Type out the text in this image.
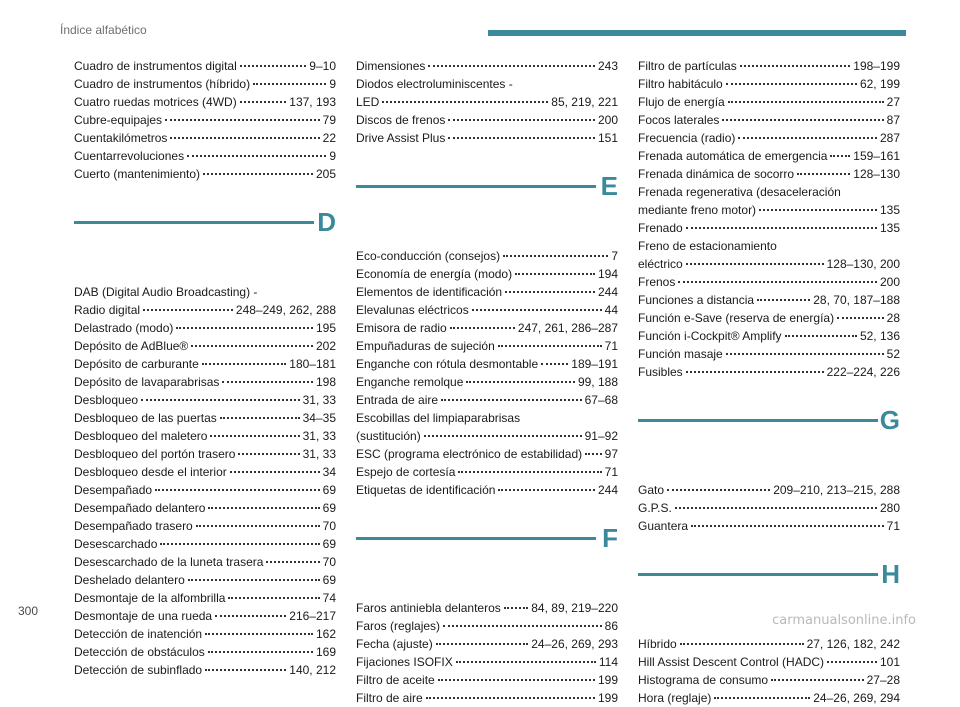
Índice alfabético
Cuadro de instrumentos digital	9–10
Cuadro de instrumentos (híbrido)	9
Cuatro ruedas motrices (4WD)	137, 193
Cubre-equipajes	79
Cuentakilómetros	22
Cuentarrevoluciones	9
Cuerto (mantenimiento)	205
D
DAB (Digital Audio Broadcasting) -
Radio digital	248–249, 262, 288
Delastrado (modo)	195
Depósito de AdBlue®	202
Depósito de carburante	180–181
Depósito de lavaparabrisas	198
Desbloqueo	31, 33
Desbloqueo de las puertas	34–35
Desbloqueo del maletero	31, 33
Desbloqueo del portón trasero	31, 33
Desbloqueo desde el interior	34
Desempañado	69
Desempañado delantero	69
Desempañado trasero	70
Desescarchado	69
Desescarchado de la luneta trasera	70
Deshelado delantero	69
Desmontaje de la alfombrilla	74
Desmontaje de una rueda	216–217
Detección de inatención	162
Detección de obstáculos	169
Detección de subinflado	140, 212
Dimensiones	243
Diodos electroluminiscentes -
LED	85, 219, 221
Discos de frenos	200
Drive Assist Plus	151
E
Eco-conducción (consejos)	7
Economía de energía (modo)	194
Elementos de identificación	244
Elevalunas eléctricos	44
Emisora de radio	247, 261, 286–287
Empuñaduras de sujeción	71
Enganche con rótula desmontable	189–191
Enganche remolque	99, 188
Entrada de aire	67–68
Escobillas del limpiaparabrisas
(sustitución)	91–92
ESC (programa electrónico de estabilidad) 97
Espejo de cortesía	71
Etiquetas de identificación	244
F
Faros antiniebla delanteros	84, 89, 219–220
Faros (reglajes)	86
Fecha (ajuste)	24–26, 269, 293
Fijaciones ISOFIX	114
Filtro de aceite	199
Filtro de aire	199
Filtro de partículas	198–199
Filtro habitáculo	62, 199
Flujo de energía	27
Focos laterales	87
Frecuencia (radio)	287
Frenada automática de emergencia 159–161
Frenada dinámica de socorro	128–130
Frenada regenerativa (desaceleración
mediante freno motor)	135
Frenado	135
Freno de estacionamiento
eléctrico	128–130, 200
Frenos	200
Funciones a distancia	28, 70, 187–188
Función e-Save (reserva de energía)	28
Función i-Cockpit® Amplify	52, 136
Función masaje	52
Fusibles	222–224, 226
G
Gato	209–210, 213–215, 288
G.P.S.	280
Guantera	71
H
Híbrido	27, 126, 182, 242
Hill Assist Descent Control (HADC)	101
Histograma de consumo	27–28
Hora (reglaje)	24–26, 269, 294
300
carmanualsonline.info
